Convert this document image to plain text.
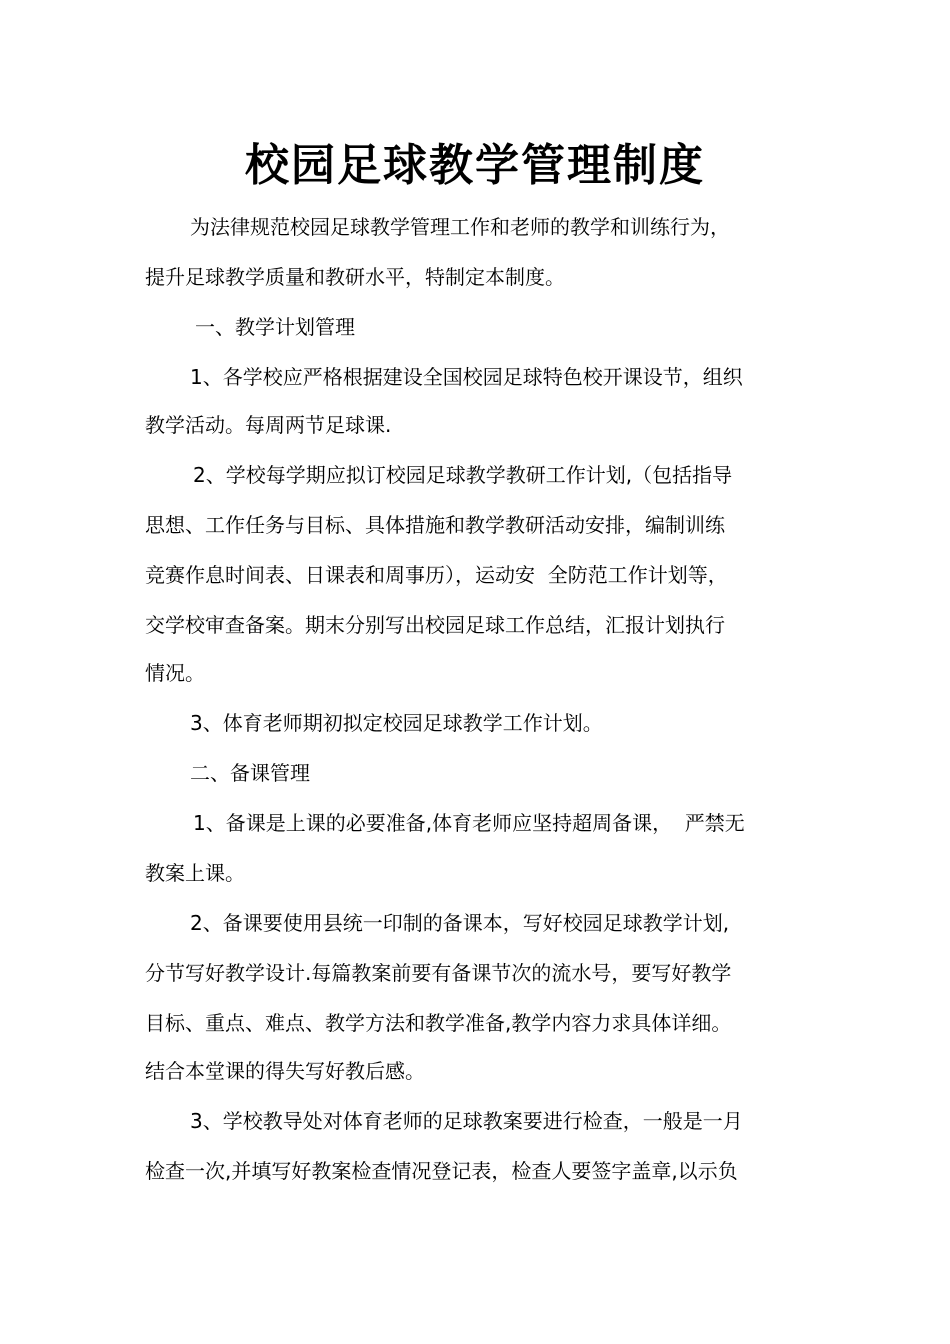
校园足球教学管理制度
为法律规范校园足球教学管理工作和老师的教学和训练行为，
提升足球教学质量和教研水平，特制定本制度。
一、教学计划管理
1、各学校应严格根据建设全国校园足球特色校开课设节，组织
教学活动。每周两节足球课.
2、学校每学期应拟订校园足球教学教研工作计划,（包括指导
思想、工作任务与目标、具体措施和教学教研活动安排，编制训练
竞赛作息时间表、日课表和周事历），运动安  全防范工作计划等，
交学校审查备案。期末分别写出校园足球工作总结，汇报计划执行
情况。
3、体育老师期初拟定校园足球教学工作计划。
二、备课管理
1、备课是上课的必要准备,体育老师应坚持超周备课，  严禁无
教案上课。
2、备课要使用县统一印制的备课本，写好校园足球教学计划,
分节写好教学设计.每篇教案前要有备课节次的流水号，要写好教学
目标、重点、难点、教学方法和教学准备,教学内容力求具体详细。
结合本堂课的得失写好教后感。
3、学校教导处对体育老师的足球教案要进行检查，一般是一月
检查一次,并填写好教案检查情况登记表，检查人要签字盖章,以示负
